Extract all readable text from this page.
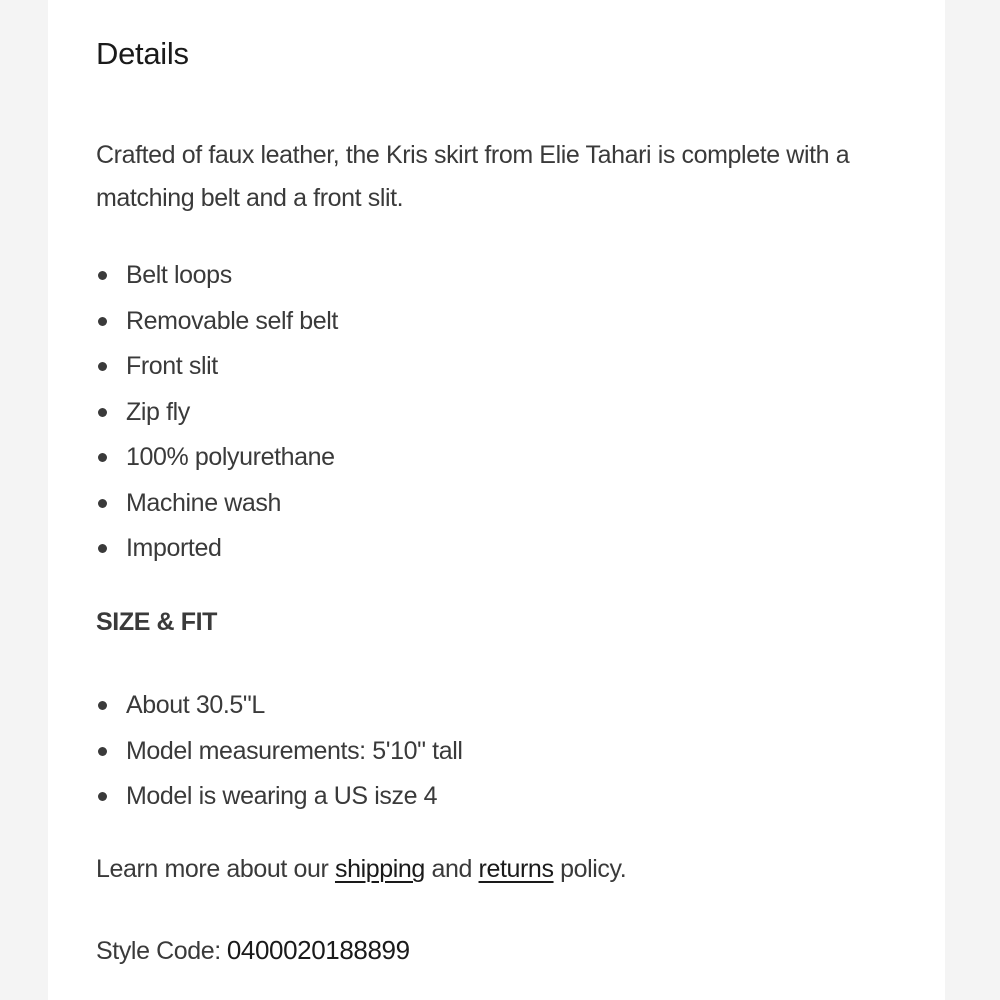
Details

Crafted of faux leather, the Kris skirt from Elie Tahari is complete with a matching belt and a front slit.

Belt loops
Removable self belt
Front slit
Zip fly
100% polyurethane
Machine wash
Imported
SIZE & FIT
About 30.5"L
Model measurements: 5'10" tall
Model is wearing a US isze 4

Learn more about our shipping and returns policy.

Style Code: 0400020188899
